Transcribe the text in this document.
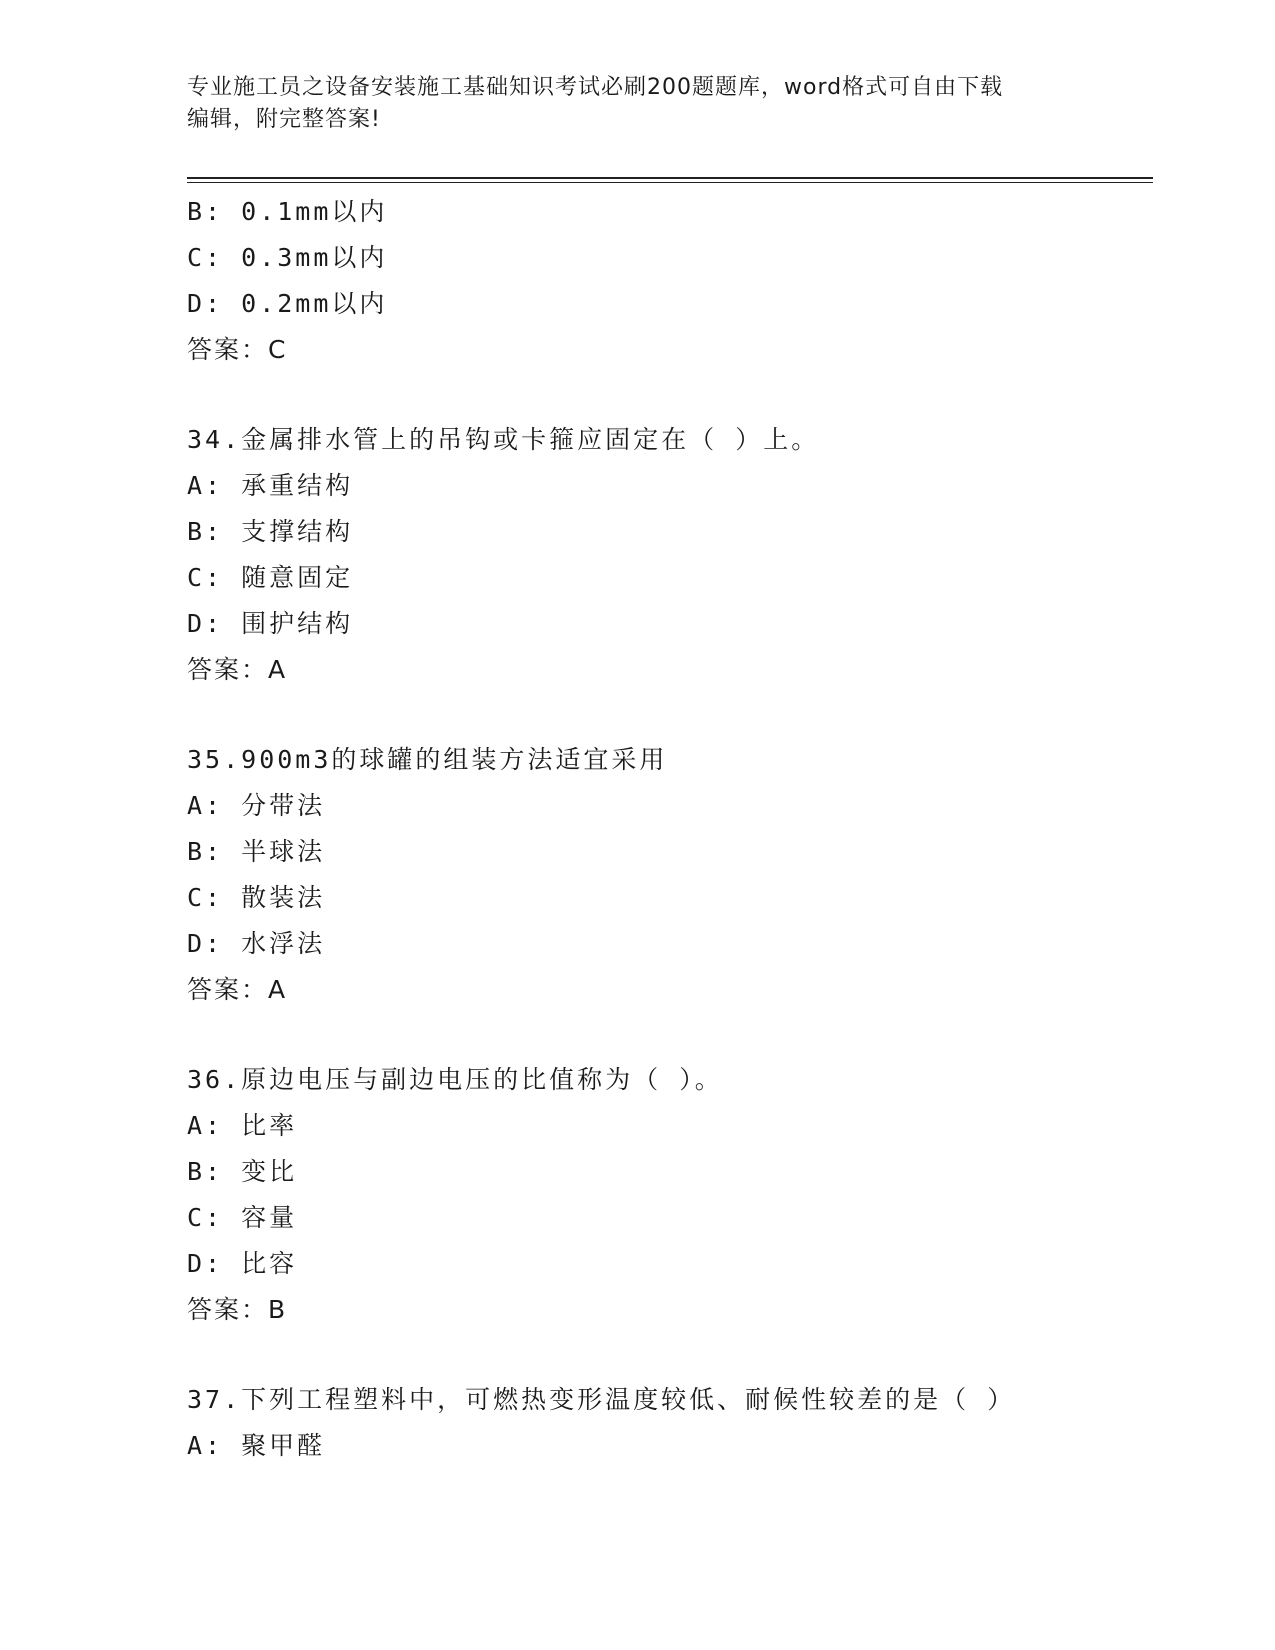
专业施工员之设备安装施工基础知识考试必刷200题题库，word格式可自由下载
编辑，附完整答案!
B: 0.1mm以内
C: 0.3mm以内
D: 0.2mm以内
答案：C
34.金属排水管上的吊钩或卡箍应固定在（ ）上。
A: 承重结构
B: 支撑结构
C: 随意固定
D: 围护结构
答案：A
35.900m3的球罐的组装方法适宜采用
A: 分带法
B: 半球法
C: 散装法
D: 水浮法
答案：A
36.原边电压与副边电压的比值称为（ ）。
A: 比率
B: 变比
C: 容量
D: 比容
答案：B
37.下列工程塑料中，可燃热变形温度较低、耐候性较差的是（ ）
A: 聚甲醛
